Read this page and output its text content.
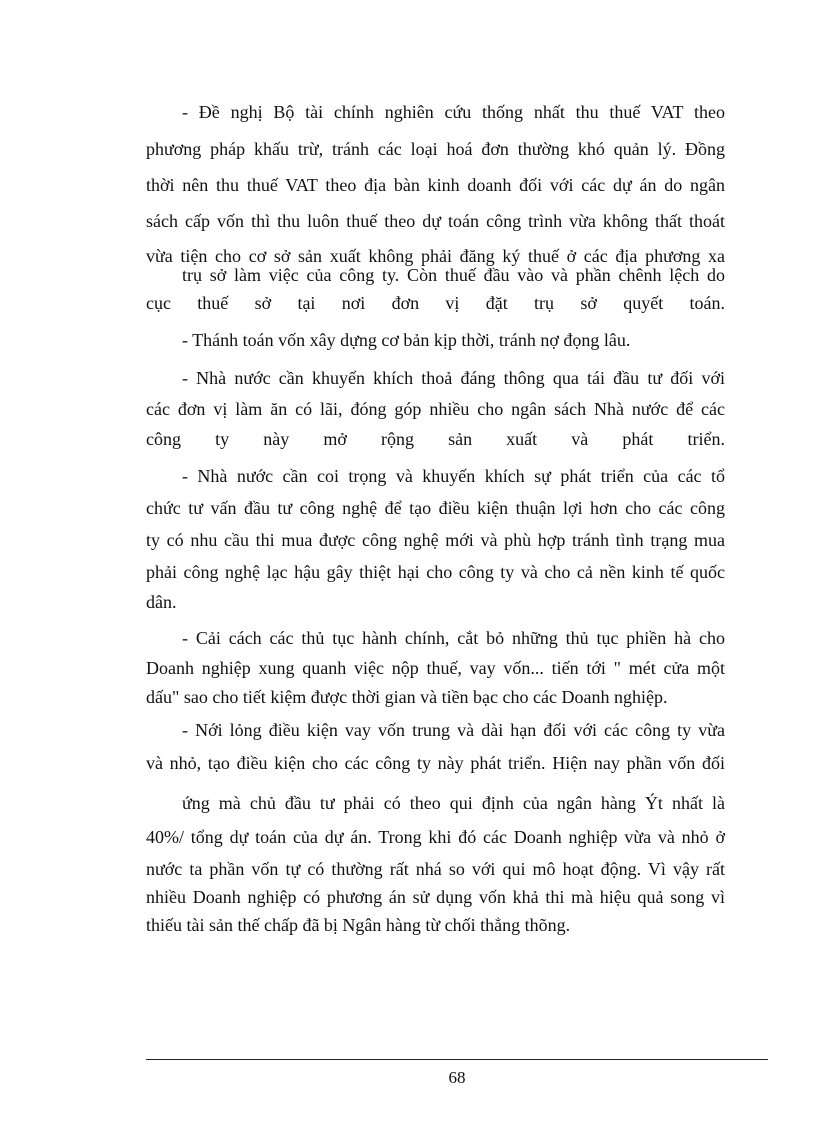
- Đề nghị Bộ tài chính nghiên cứu thống nhất thu thuế VAT theo
phương pháp khấu trừ, tránh các loại hoá đơn thường khó quản lý. Đồng
thời nên thu thuế VAT theo địa bàn kinh doanh đối với các dự án do ngân
sách cấp vốn thì thu luôn thuế theo dự toán công trình vừa không thất thoát
vừa tiện cho cơ sở sản xuất không phải đăng ký thuế ở các địa phương xa
trụ sở làm việc của công ty. Còn thuế đầu vào và phần chênh lệch do
cục thuế sở tại nơi đơn vị đặt trụ sở quyết toán.
- Thánh toán vốn xây dựng cơ bản kịp thời, tránh nợ đọng lâu.
- Nhà nước cần khuyến khích thoả đáng thông qua tái đầu tư đối với
các đơn vị làm ăn có lãi, đóng góp nhiều cho ngân sách Nhà nước để các
công ty này mở rộng sản xuất và phát triển.
- Nhà nước cần coi trọng và khuyến khích sự phát triển của các tổ
chức tư vấn đầu tư công nghệ để tạo điều kiện thuận lợi hơn cho các công
ty có nhu cầu thi mua được công nghệ mới và phù hợp tránh tình trạng mua
phải công nghệ lạc hậu gây thiệt hại cho công ty và cho cả nền kinh tế quốc
dân.
- Cải cách các thủ tục hành chính, cắt bỏ những thủ tục phiền hà cho
Doanh nghiệp xung quanh việc nộp thuế, vay vốn... tiến tới " mét cửa một
dấu" sao cho tiết kiệm được thời gian và tiền bạc cho các Doanh nghiệp.
- Nới lỏng điều kiện vay vốn trung và dài hạn đối với các công ty vừa
và nhỏ, tạo điều kiện cho các công ty này phát triển. Hiện nay phần vốn đối
ứng mà chủ đầu tư phải có theo qui định của ngân hàng Ýt nhất là
40%/ tổng dự toán của dự án. Trong khi đó các Doanh nghiệp vừa và nhỏ ở
nước ta phần vốn tự có thường rất nhá so với qui mô hoạt động. Vì vậy rất
nhiều Doanh nghiệp có phương án sử dụng vốn khả thi mà hiệu quả song vì
thiếu tài sản thế chấp đã bị Ngân hàng từ chối thẳng thõng.
68
